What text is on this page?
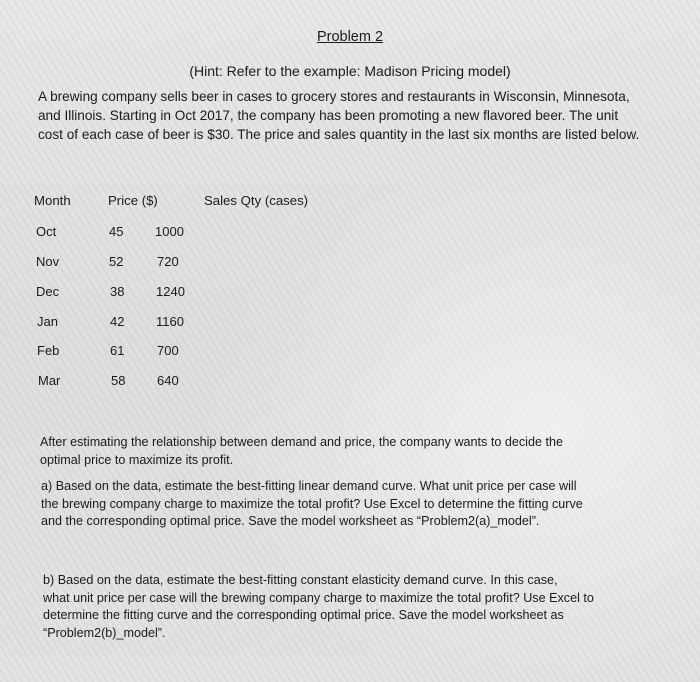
Problem 2
(Hint: Refer to the example: Madison Pricing model)
A brewing company sells beer in cases to grocery stores and restaurants in Wisconsin, Minnesota,
and Illinois. Starting in Oct 2017, the company has been promoting a new flavored beer. The unit
cost of each case of beer is $30. The price and sales quantity in the last six months are listed below.
Month	Price ($)	Sales Qty (cases)
Oct	45 1000
Nov	52	720
Dec	38 1240
Jan	42 1160
Feb	61	700
Mar	58 640
After estimating the relationship between demand and price, the company wants to decide the
optimal price to maximize its profit.
a) Based on the data, estimate the best-fitting linear demand curve. What unit price per case will
the brewing company charge to maximize the total profit? Use Excel to determine the fitting curve
and the corresponding optimal price. Save the model worksheet as “Problem2(a)_model”.
b) Based on the data, estimate the best-fitting constant elasticity demand curve. In this case,
what unit price per case will the brewing company charge to maximize the total profit? Use Excel to
determine the fitting curve and the corresponding optimal price. Save the model worksheet as
“Problem2(b)_model”.
